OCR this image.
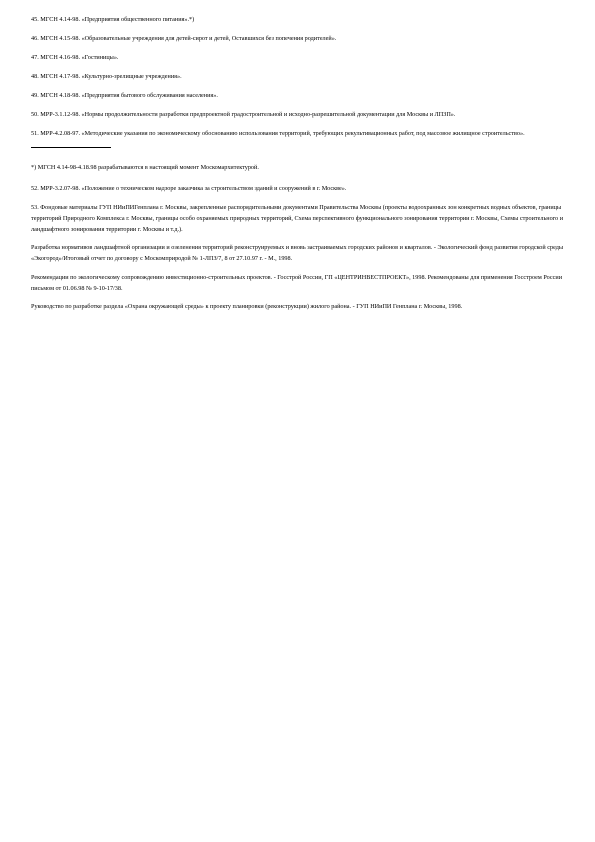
45. МГСН 4.14-98. «Предприятия общественного питания».*)

46. МГСН 4.15-98. «Образовательные учреждения для детей-сирот и детей, Оставшихся без попечения родителей».

47. МГСН 4.16-98. «Гостиницы».

48. МГСН 4.17-98. «Культурно-зрелищные учреждения».

49. МГСН 4.18-98. «Предприятия бытового обслуживания населения».

50. МРР-3.1.12-98. «Нормы продолжительности разработки предпроектной градостроительной и исходно-разрешительной документации для Москвы и ЛПЗП».

51. МРР-4.2.08-97. «Методические указания по экономическому обоснованию использования территорий, требующих рекультивационных работ, под массовое жилищное строительство».

*) МГСН 4.14-98-4.18.98 разрабатываются в настоящий момент Москомархитектурой.

52. МРР-3.2.07-98. «Положение о техническом надзоре заказчика за строительством зданий и сооружений в г. Москве».

53. Фондовые материалы ГУП НИиПИГенплана г. Москвы, закрепленные распорядительными документами Правительства Москвы (проекты водоохранных зон конкретных водных объектов, границы территорий Природного Комплекса г. Москвы, границы особо охраняемых природных территорий, Схема перспективного функционального зонирования территории г. Москвы, Схемы строительного и ландшафтного зонирования территории г. Москвы и т.д.).

Разработка нормативов ландшафтной организации и озеленения территорий реконструируемых и вновь застраиваемых городских районов и кварталов. - Экологический фонд развития городской среды «Экогород»/Итоговый отчет по договору с Москомприродой № 1-ЛПЗ/7, 8 от 27.10.97 г. - М., 1998.

Рекомендации по экологическому сопровождению инвестиционно-строительных проектов. - Госстрой России, ГП «ЦЕНТРИНВЕСТПРОЕКТ», 1998. Рекомендованы для применения Госстроем России письмом от 01.06.98 № 9-10-17/38.

Руководство по разработке раздела «Охрана окружающей среды» к проекту планировки (реконструкции) жилого района. - ГУП НИиПИ Генплана г. Москвы, 1998.
